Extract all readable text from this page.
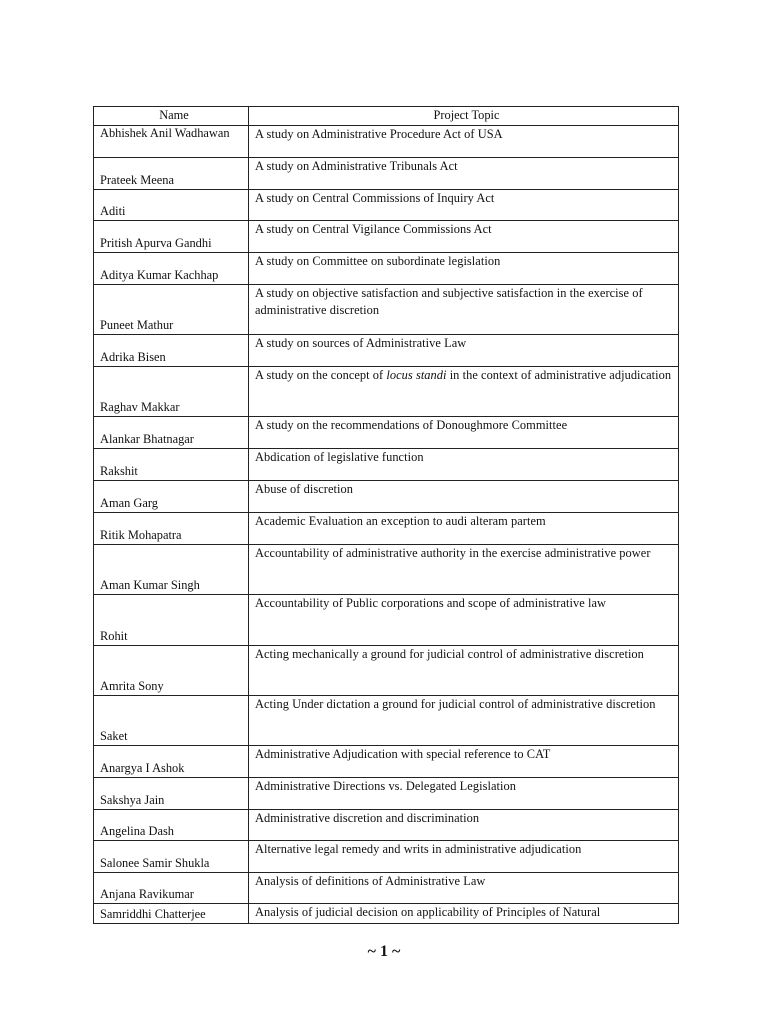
Name	Project Topic
Abhishek Anil Wadhawan	A study on Administrative Procedure Act of USA
Prateek Meena	A study on Administrative Tribunals Act
Aditi	A study on Central Commissions of Inquiry Act
Pritish Apurva Gandhi	A study on Central Vigilance Commissions Act
Aditya Kumar Kachhap	A study on Committee on subordinate legislation
Puneet Mathur	A study on objective satisfaction and subjective satisfaction in the exercise of administrative discretion
Adrika Bisen	A study on sources of Administrative Law
Raghav Makkar	A study on the concept of locus standi in the context of administrative adjudication
Alankar Bhatnagar	A study on the recommendations of Donoughmore Committee
Rakshit	Abdication of legislative function
Aman Garg	Abuse of discretion
Ritik Mohapatra	Academic Evaluation an exception to audi alteram partem
Aman Kumar Singh	Accountability of administrative authority in the exercise administrative power
Rohit	Accountability of Public corporations and scope of administrative law
Amrita Sony	Acting mechanically a ground for judicial control of administrative discretion
Saket	Acting Under dictation a ground for judicial control of administrative discretion
Anargya I Ashok	Administrative Adjudication with special reference to CAT
Sakshya Jain	Administrative Directions vs. Delegated Legislation
Angelina Dash	Administrative discretion and discrimination
Salonee Samir Shukla	Alternative legal remedy and writs in administrative adjudication
Anjana Ravikumar	Analysis of definitions of Administrative Law
Samriddhi Chatterjee	Analysis of judicial decision on applicability of Principles of Natural
~ 1 ~
